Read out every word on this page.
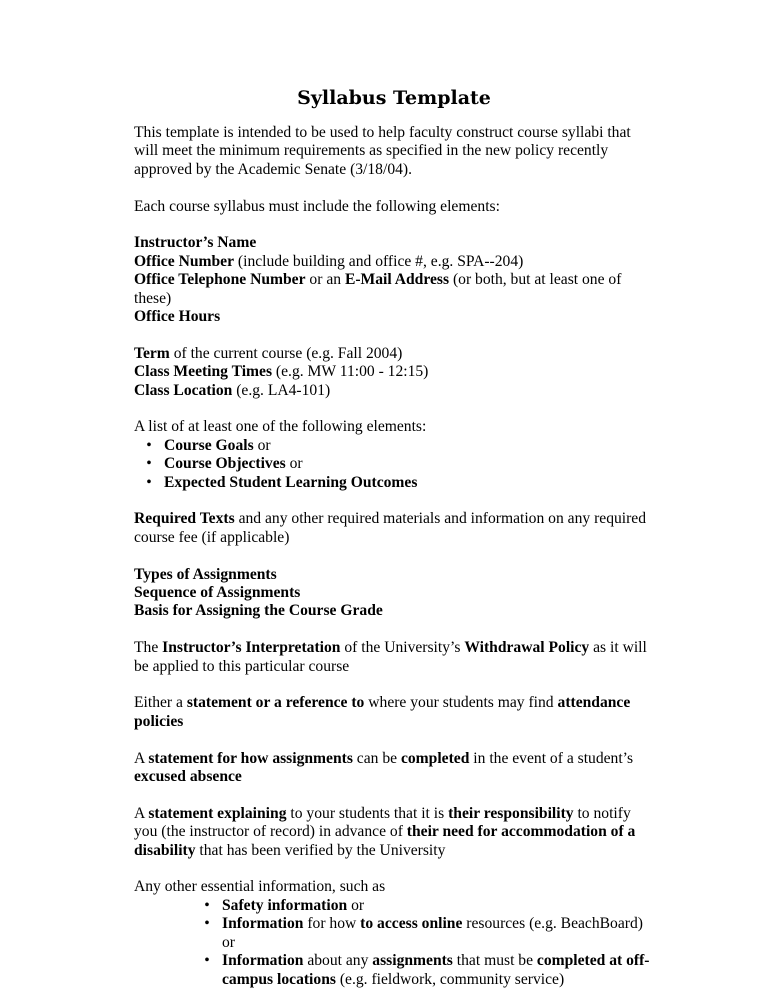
Syllabus Template

This template is intended to be used to help faculty construct course syllabi that will meet the minimum requirements as specified in the new policy recently approved by the Academic Senate (3/18/04).

Each course syllabus must include the following elements:

Instructor’s Name
Office Number (include building and office #, e.g. SPA--204)
Office Telephone Number or an E-Mail Address (or both, but at least one of these)
Office Hours

Term of the current course (e.g. Fall 2004)
Class Meeting Times (e.g. MW 11:00 - 12:15)
Class Location (e.g. LA4-101)

A list of at least one of the following elements:
• Course Goals or
• Course Objectives or
• Expected Student Learning Outcomes

Required Texts and any other required materials and information on any required course fee (if applicable)

Types of Assignments
Sequence of Assignments
Basis for Assigning the Course Grade

The Instructor’s Interpretation of the University’s Withdrawal Policy as it will be applied to this particular course

Either a statement or a reference to where your students may find attendance policies

A statement for how assignments can be completed in the event of a student’s excused absence

A statement explaining to your students that it is their responsibility to notify you (the instructor of record) in advance of their need for accommodation of a disability that has been verified by the University

Any other essential information, such as
• Safety information or
• Information for how to access online resources (e.g. BeachBoard) or
• Information about any assignments that must be completed at off-campus locations (e.g. fieldwork, community service)
